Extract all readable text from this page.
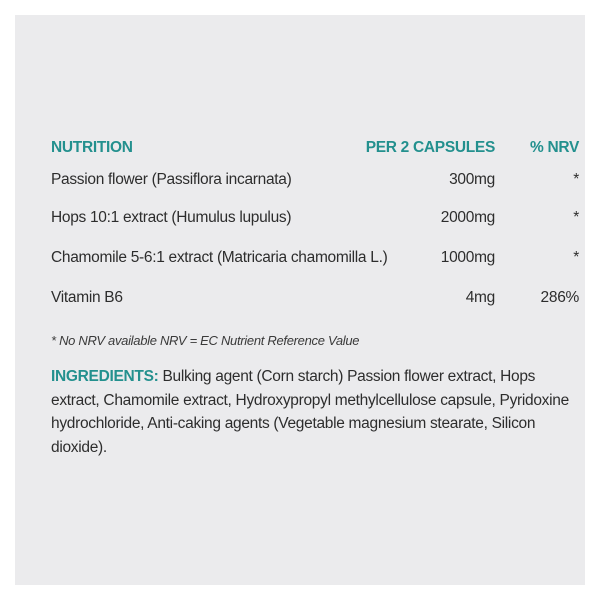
NUTRITION	PER 2 CAPSULES % NRV
Passion flower (Passiflora incarnata)	300mg	*
Hops 10:1 extract (Humulus lupulus)	2000mg	*
Chamomile 5-6:1 extract (Matricaria chamomilla L.)	1000mg	*
Vitamin B6	4mg	286%
* No NRV available NRV = EC Nutrient Reference Value
INGREDIENTS: Bulking agent (Corn starch) Passion flower extract, Hops extract, Chamomile extract, Hydroxypropyl methylcellulose capsule, Pyridoxine hydrochloride, Anti-caking agents (Vegetable magnesium stearate, Silicon dioxide).
